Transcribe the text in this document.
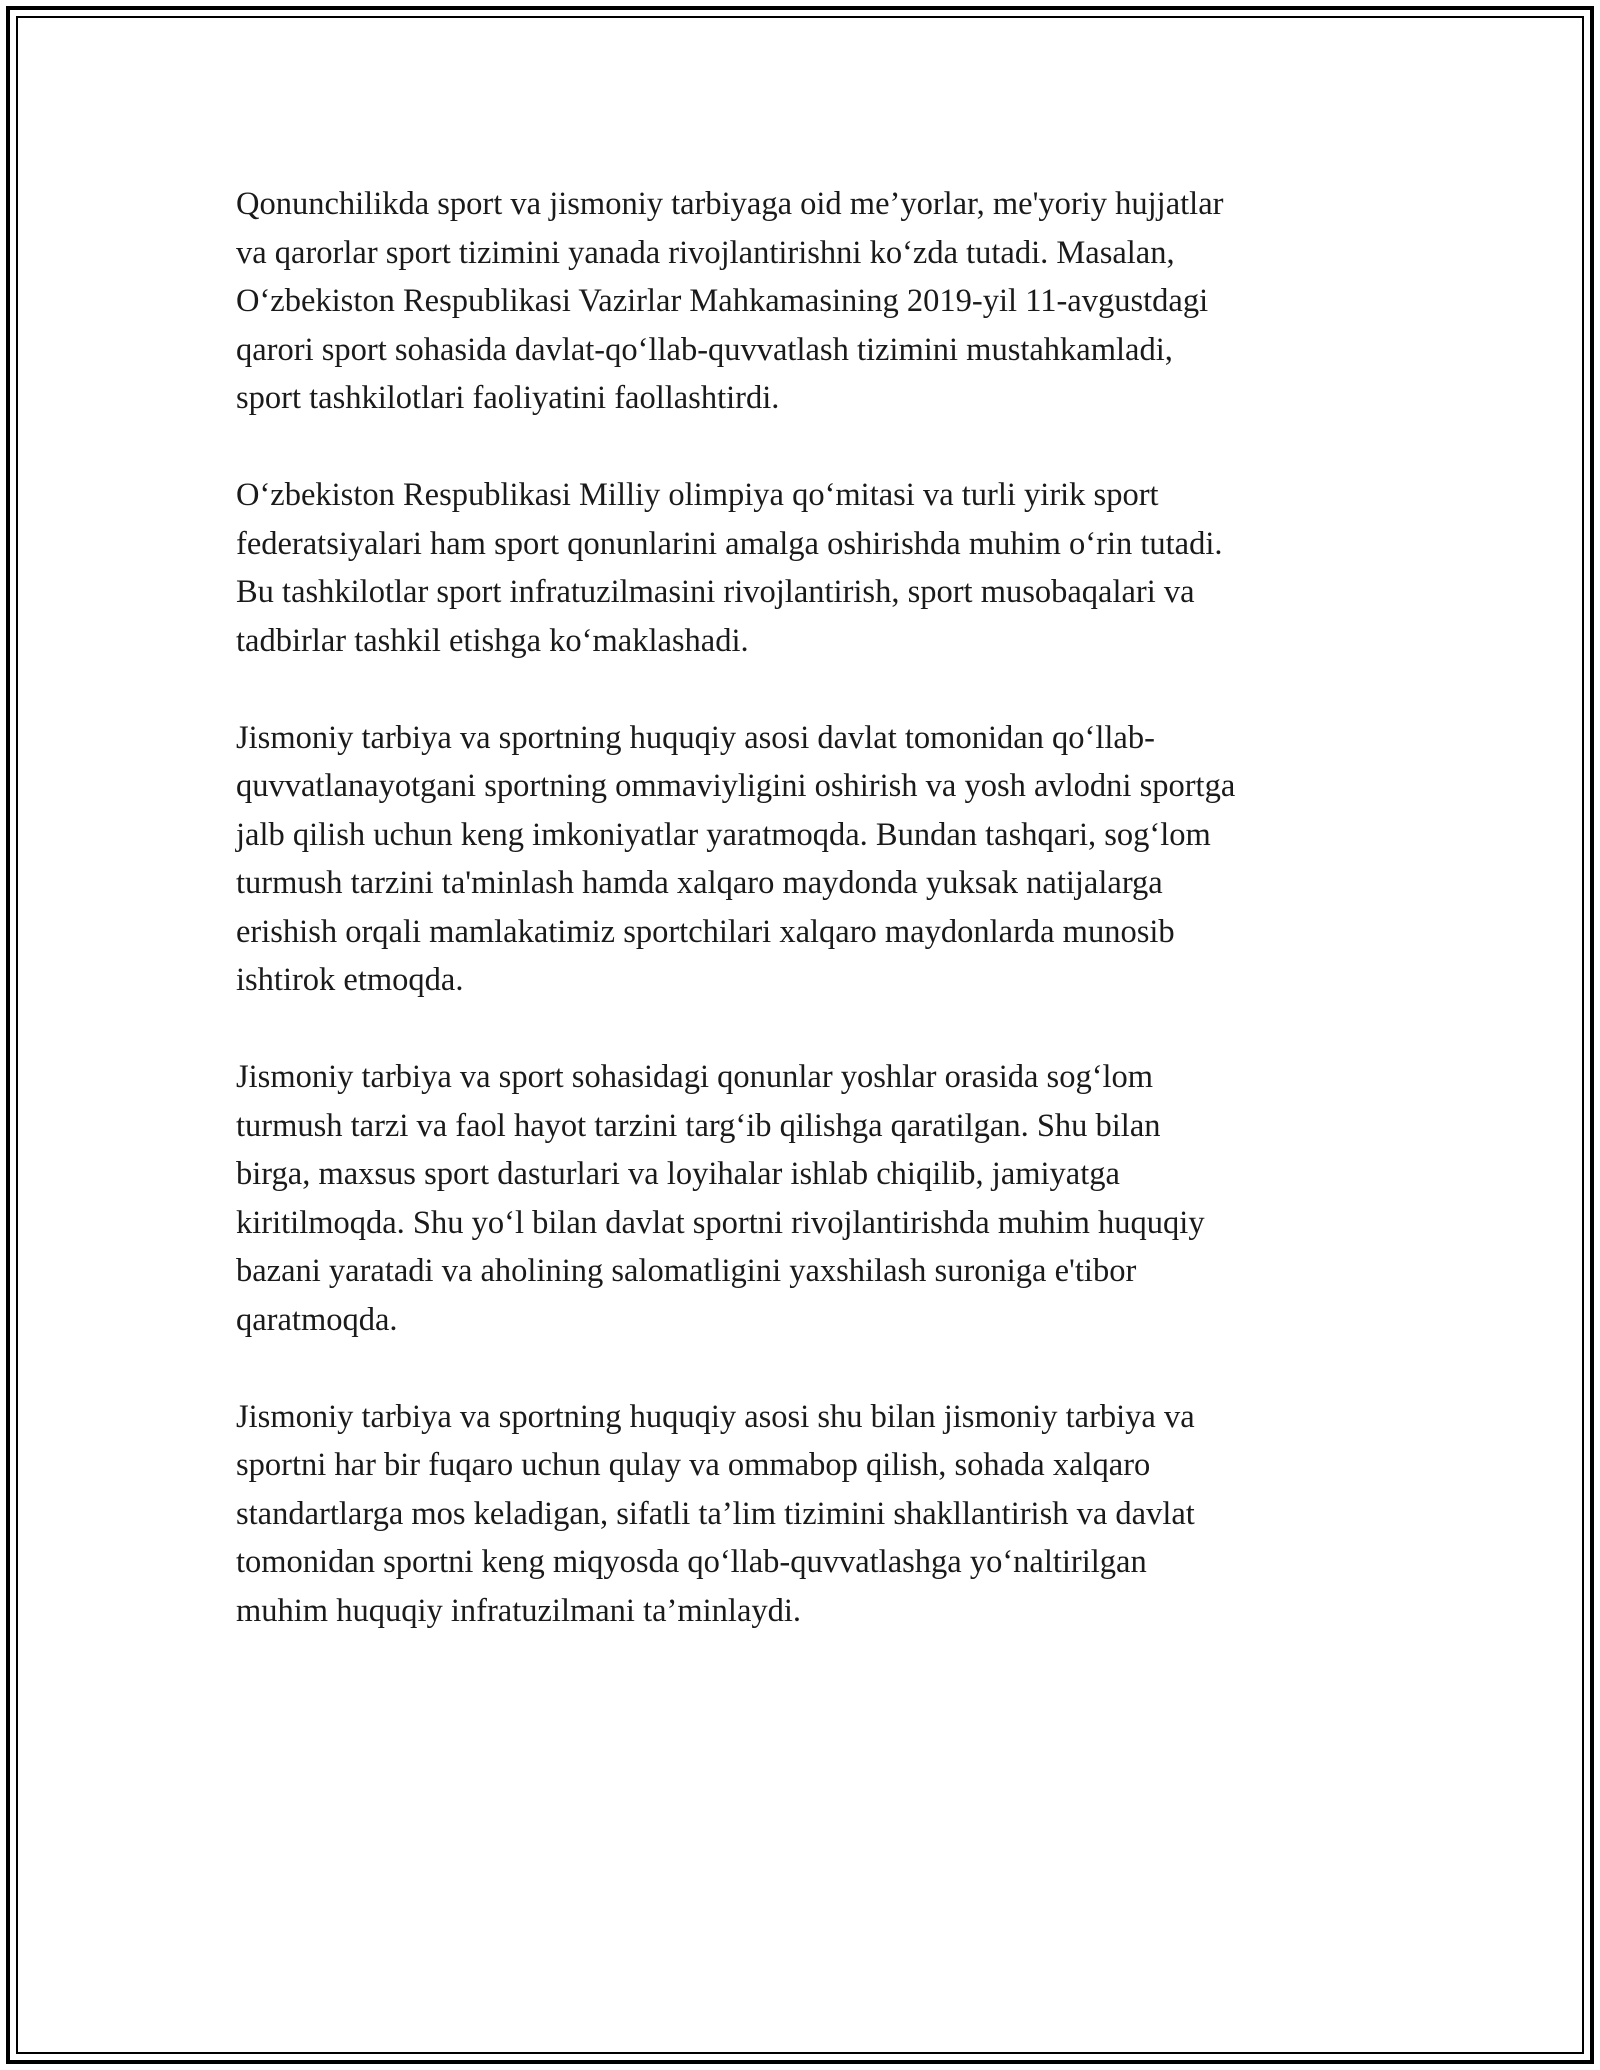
Qonunchilikda sport va jismoniy tarbiyaga oid me’yorlar, me'yoriy hujjatlar
va qarorlar sport tizimini yanada rivojlantirishni ko‘zda tutadi. Masalan,
O‘zbekiston Respublikasi Vazirlar Mahkamasining 2019-yil 11-avgustdagi
qarori sport sohasida davlat-qo‘llab-quvvatlash tizimini mustahkamladi,
sport tashkilotlari faoliyatini faollashtirdi.

O‘zbekiston Respublikasi Milliy olimpiya qo‘mitasi va turli yirik sport
federatsiyalari ham sport qonunlarini amalga oshirishda muhim o‘rin tutadi.
Bu tashkilotlar sport infratuzilmasini rivojlantirish, sport musobaqalari va
tadbirlar tashkil etishga ko‘maklashadi.

Jismoniy tarbiya va sportning huquqiy asosi davlat tomonidan qo‘llab-
quvvatlanayotgani sportning ommaviyligini oshirish va yosh avlodni sportga
jalb qilish uchun keng imkoniyatlar yaratmoqda. Bundan tashqari, sog‘lom
turmush tarzini ta'minlash hamda xalqaro maydonda yuksak natijalarga
erishish orqali mamlakatimiz sportchilari xalqaro maydonlarda munosib
ishtirok etmoqda.

Jismoniy tarbiya va sport sohasidagi qonunlar yoshlar orasida sog‘lom
turmush tarzi va faol hayot tarzini targ‘ib qilishga qaratilgan. Shu bilan
birga, maxsus sport dasturlari va loyihalar ishlab chiqilib, jamiyatga
kiritilmoqda. Shu yo‘l bilan davlat sportni rivojlantirishda muhim huquqiy
bazani yaratadi va aholining salomatligini yaxshilash suroniga e'tibor
qaratmoqda.

Jismoniy tarbiya va sportning huquqiy asosi shu bilan jismoniy tarbiya va
sportni har bir fuqaro uchun qulay va ommabop qilish, sohada xalqaro
standartlarga mos keladigan, sifatli ta’lim tizimini shakllantirish va davlat
tomonidan sportni keng miqyosda qo‘llab-quvvatlashga yo‘naltirilgan
muhim huquqiy infratuzilmani ta’minlaydi.
